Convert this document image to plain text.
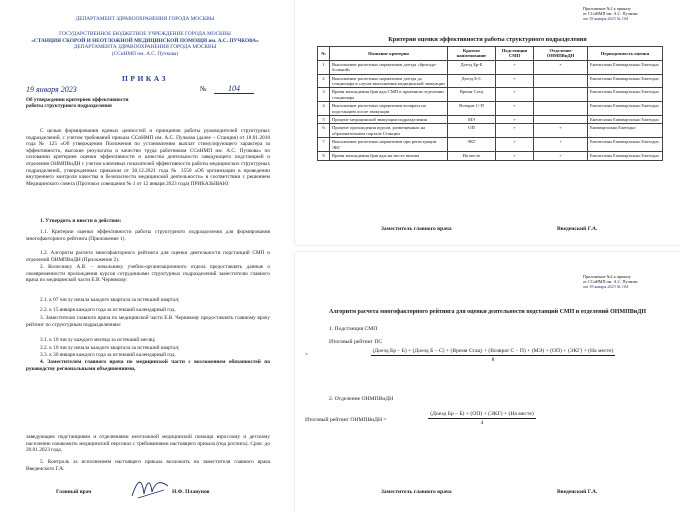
ДЕПАРТАМЕНТ ЗДРАВООХРАНЕНИЯ ГОРОДА МОСКВЫ
ГОСУДАРСТВЕННОЕ БЮДЖЕТНОЕ УЧРЕЖДЕНИЕ ГОРОДА МОСКВЫ
«СТАНЦИЯ СКОРОЙ И НЕОТЛОЖНОЙ МЕДИЦИНСКОЙ ПОМОЩИ им. А.С. ПУЧКОВА»
ДЕПАРТАМЕНТА ЗДРАВООХРАНЕНИЯ ГОРОДА МОСКВЫ
(ССиНМП им. А.С. Пучкова)
ПРИКАЗ
19 января 2023	№	104
Об утверждении критериев эффективности работы структурного подразделения
С целью формирования единых ценностей и принципов работы руководителей структурных подразделений, с учетом требований приказа ССиНМП им. А.С. Пучкова (далее – Станция) от 18.01.2018 года № 125 «Об утверждении Положения по установлению выплат стимулирующего характера за эффективность, высокие результаты и качество труда работником ССиНМП им. А.С. Пучкова» по основании критериев оценки эффективности и качества деятельности заведующего подстанцией и отделения ОНМПВиДН с учетом ключевых показателей эффективности работы медицинских структурных подразделений, утвержденных приказом от 30.12.2021 года № 3550 «Об организации в проведении внутреннего контроля качества и безопасности медицинской деятельности» в соответствии с решением Медицинского совета (Протокол совещания № 1 от 12 января 2023 года) ПРИКАЗЫВАЮ:
1. Утвердить и ввести в действие:
1.1. Критерии оценки эффективности работы структурного подразделения для формирования многофакторного рейтинга (Приложение 1).
1.2. Алгоритм расчета многофакторного рейтинга для оценки деятельности подстанций СМП и отделений ОНМПВиДН (Приложение 2).
2. Колеснику А.В. – начальнику учебно-организационного отдела предоставлять данные о своевременности прохождения курсов сотрудниками структурных подразделений заместителю главного врача по медицинской части Е.В. Черникову:
2.1. к 07 числу начала каждого квартала за истекший квартал;
2.2. к 15 января каждого года за истекший календарный год.
3. Заместителю главного врача по медицинской части Е.В. Черникову предоставлять главному врачу рейтинг по структурным подразделениям:
3.1. к 10 числу каждого месяца за истекший месяц;
3.2. к 10 числу начала каждого квартала за истекший квартал;
3.3. к 30 января каждого года за истекший календарный год.
4. Заместителям главного врача по медицинской части с возложением обязанностей по руководству региональными объединениями,
заведующим подстанциями и отделениями неотложной медицинской помощи взрослому и детскому населению ознакомить медицинский персонал с требованиями настоящего приказа (под роспись). Срок: до 20.01.2023 года.
5. Контроль за исполнением настоящего приказа возложить на заместителя главного врача Введенского Г.А.
Главный врач	Н.Ф. Плавунов
Приложение №1 к приказу
от ССиНМП им. А.С. Пучкова
от 19 января 2023 № 104
Критерии оценки эффективности работы структурного подразделения
№	Название критерия	Краткое наименование	Подстанции СМП	Отделение ОНМПВиДН	Периодичность оценки
1	Выполнение расчетных нормативов доезда «бригада-больной»	Доезд Бр-Б	+	+	Ежемесячно Ежеквартально Ежегодно
2	Выполнение расчетных нормативов доезда до стационара в случае выполнения медицинской эвакуации	Доезд Б-С	+		Ежемесячно Ежеквартально Ежегодно
3	Время нахождения бригады СМП в приемном отделении стационара	Время Стац	+		Ежемесячно Ежеквартально Ежегодно
4	Выполнение расчетных нормативов возврата на подстанцию после эвакуации	Возврат С-П	+		Ежемесячно Ежеквартально Ежегодно
5	Процент медицинской эвакуации подразделения	МЭ	+		Ежемесячно Ежеквартально Ежегодно
6	Процент прохождения курсов, размещенных на образовательном портале Станции	ОП	+	+	Ежеквартально Ежегодно
7	Выполнение расчетных нормативов при регистрации ЭКГ	ЭКГ	+	+	Ежемесячно Ежеквартально Ежегодно
8	Время нахождения бригады на месте вызова	На месте	+	+	Ежемесячно Ежеквартально Ежегодно
Заместитель главного врача	Введенский Г.А.
Приложение №2 к приказу
от ССиНМП им. А.С. Пучкова
от 19 января 2023 № 104
Алгоритм расчета многофакторного рейтинга для оценки деятельности подстанций СМП и отделений ОНМПВиДН
1. Подстанция СМП
Итоговый рейтинг ПС
=
(Доезд Бр – Б) + (Доезд Б – С) + (Время Стац) + (Возврат С – П) + (МЭ) + (ОП) + (ЭКГ) + (На месте)
8
2. Отделение ОНМПВиДН
Итоговый рейтинг ОНМПВиДН =
(Доезд Бр – Б) + (ОП) + (ЭКГ) + (На месте)
4
Заместитель главного врача	Введенский Г.А.
